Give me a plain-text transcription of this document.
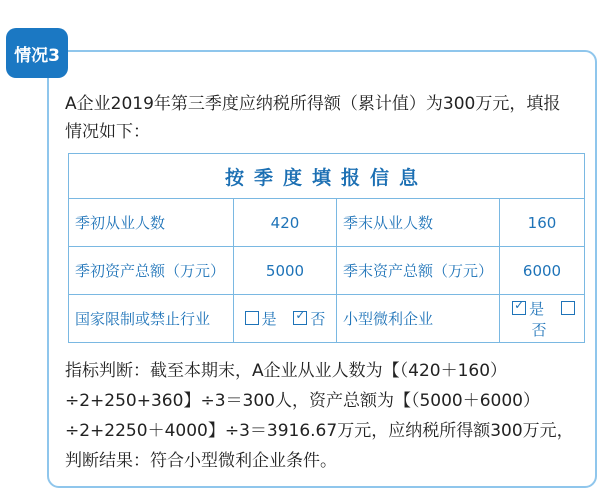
情况3
A企业2019年第三季度应纳税所得额（累计值）为300万元，填报
情况如下：
按季度填报信息			
季初从业人数	420	季末从业人数	160
季初资产总额（万元）	5000	季末资产总额（万元）	6000
国家限制或禁止行业	是 ✓ 否	小型微利企业	✓是 否
指标判断：截至本期末，A企业从业人数为【（420＋160）
÷2+250+360】÷3＝300人，资产总额为【（5000＋6000）
÷2+2250＋4000】÷3＝3916.67万元，应纳税所得额300万元，
判断结果：符合小型微利企业条件。
